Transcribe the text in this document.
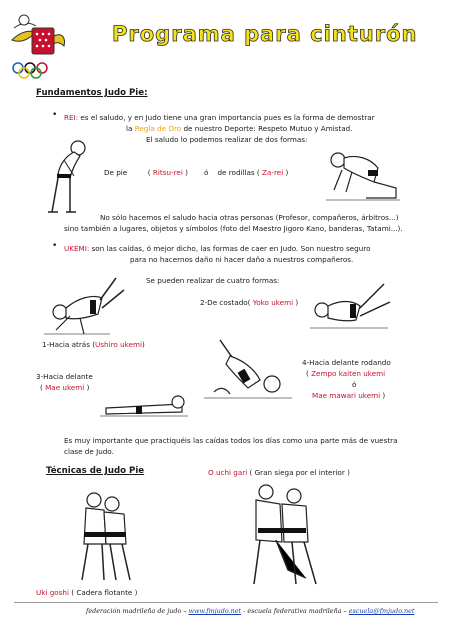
Programa para cinturón
Fundamentos Judo Pie:
• REI: es el saludo, y en Judo tiene una gran importancia pues es la forma de demostrar
la Regla de Oro de nuestro Deporte: Respeto Mutuo y Amistad.
El saludo lo podemos realizar de dos formas:
De pie	( Ritsu-rei ) ó de rodillas ( Za-rei )
No sólo hacemos el saludo hacia otras personas (Profesor, compañeros, árbitros...)
sino también a lugares, objetos y símbolos (foto del Maestro Jigoro Kano, banderas, Tatami...).
• UKEMI: son las caídas, ó mejor dicho, las formas de caer en Judo. Son nuestro seguro
para no hacernos daño ni hacer daño a nuestros compañeros.
Se pueden realizar de cuatro formas:
2-De costado( Yoko ukemi )
1-Hacia atrás (Ushiro ukemi)
3-Hacia delante
( Mae ukemi )
4-Hacia delante rodando
( Zempo kaiten ukemi
ó
Mae mawari ukemi )
Es muy importante que practiquéis las caídas todos los días como una parte más de vuestra
clase de Judo.
Técnicas de Judo Pie	O uchi gari ( Gran siega por el interior )
Uki goshi ( Cadera flotante )
federación madrileña de judo – www.fmjudo.net - escuela federativa madrileña – escuela@fmjudo.net
